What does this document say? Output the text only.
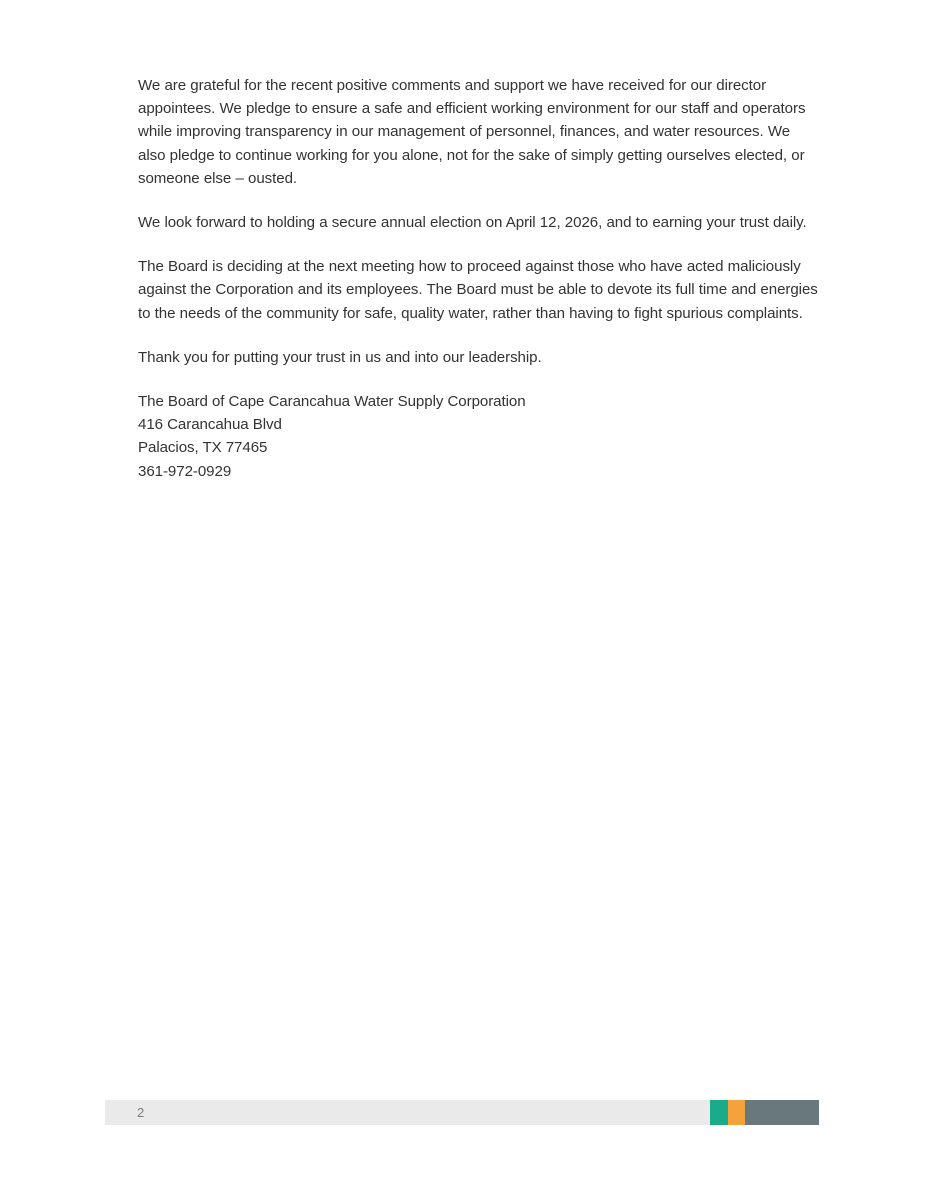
We are grateful for the recent positive comments and support we have received for our director appointees. We pledge to ensure a safe and efficient working environment for our staff and operators while improving transparency in our management of personnel, finances, and water resources. We also pledge to continue working for you alone, not for the sake of simply getting ourselves elected, or someone else – ousted.

We look forward to holding a secure annual election on April 12, 2026, and to earning your trust daily.

The Board is deciding at the next meeting how to proceed against those who have acted maliciously against the Corporation and its employees. The Board must be able to devote its full time and energies to the needs of the community for safe, quality water, rather than having to fight spurious complaints.

Thank you for putting your trust in us and into our leadership.

The Board of Cape Carancahua Water Supply Corporation
416 Carancahua Blvd
Palacios, TX 77465
361-972-0929
2
